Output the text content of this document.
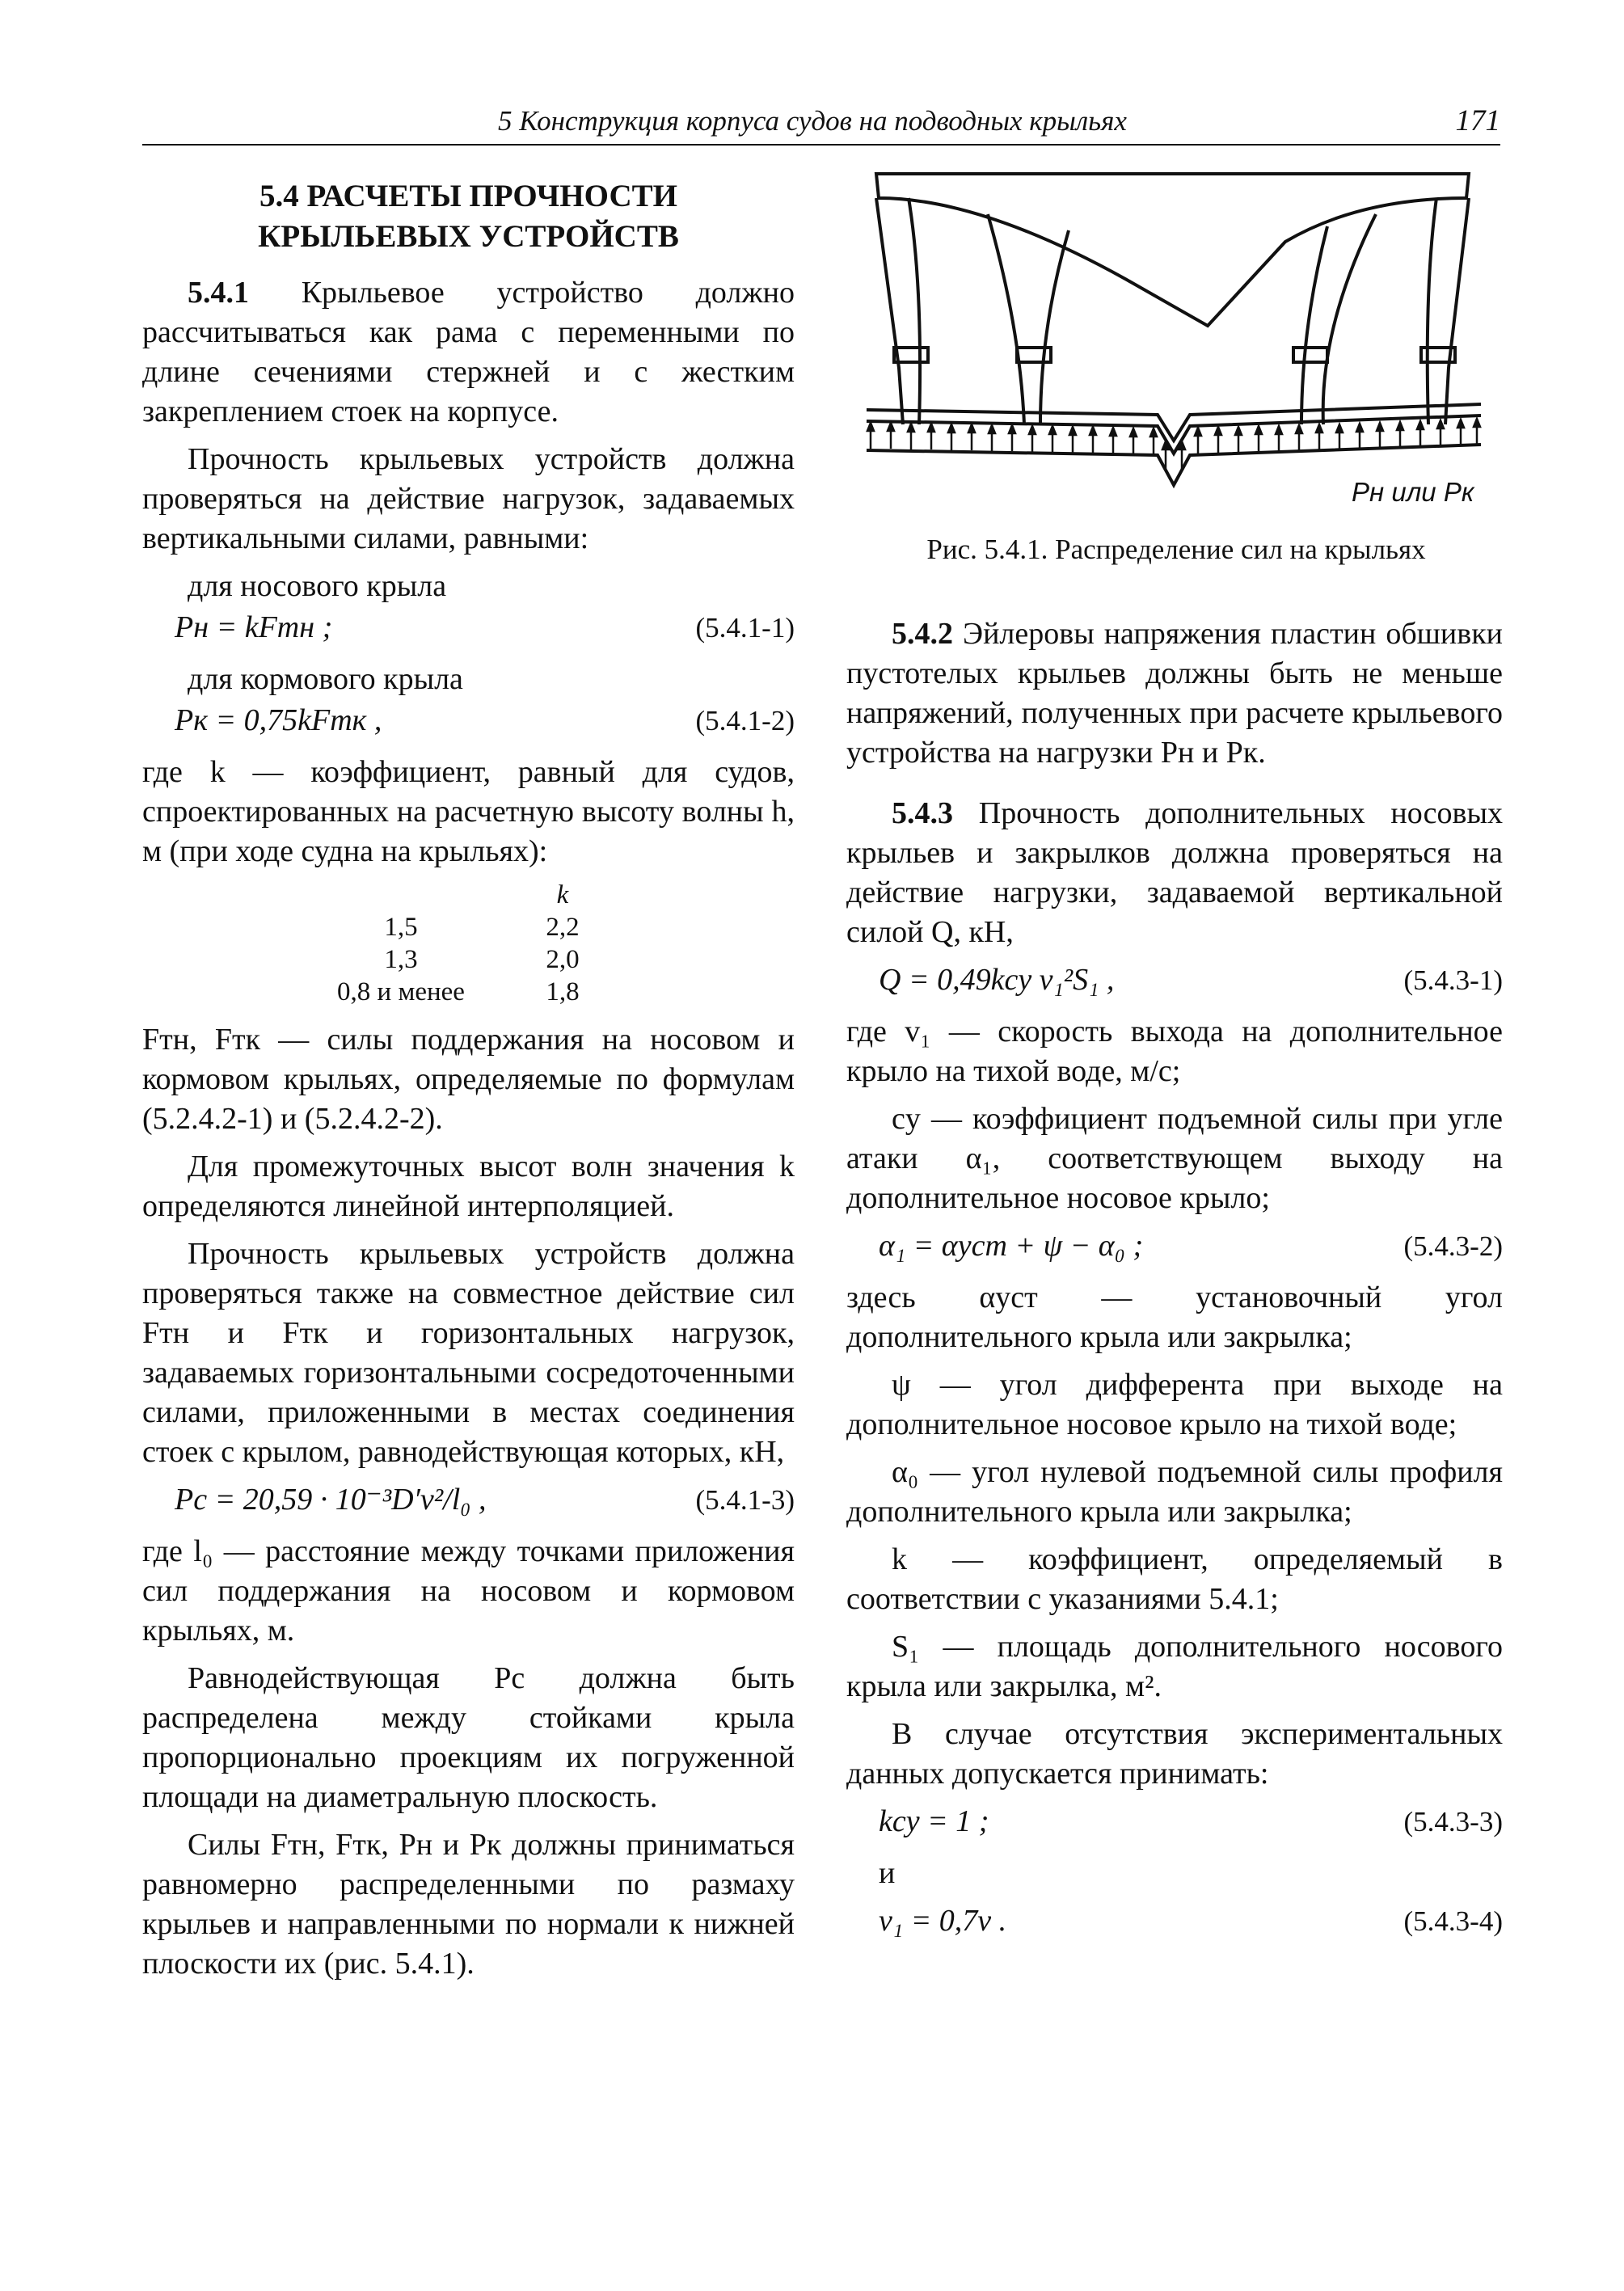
5 Конструкция корпуса судов на подводных крыльях	171
5.4 РАСЧЕТЫ ПРОЧНОСТИ
КРЫЛЬЕВЫХ УСТРОЙСТВ
5.4.1 Крыльевое устройство должно рассчитываться как рама с переменными по длине сечениями стержней и с жестким закреплением стоек на корпусе.
Прочность крыльевых устройств должна проверяться на действие нагрузок, задаваемых вертикальными силами, равными:
для носового крыла
Pн = kFтн ;	(5.4.1-1)
для кормового крыла
Pк = 0,75kFтк ,	(5.4.1-2)
где k — коэффициент, равный для судов, спроектированных на расчетную высоту волны h, м (при ходе судна на крыльях):
k
1,5	2,2
1,3	2,0
0,8 и менее	1,8
Fтн, Fтк — силы поддержания на носовом и кормовом крыльях, определяемые по формулам (5.2.4.2-1) и (5.2.4.2-2).
Для промежуточных высот волн значения k определяются линейной интерполяцией.
Прочность крыльевых устройств должна проверяться также на совместное действие сил Fтн и Fтк и горизонтальных нагрузок, задаваемых горизонтальными сосредоточенными силами, приложенными в местах соединения стоек с крылом, равнодействующая которых, кН,
Pc = 20,59 · 10⁻³D′v²/l₀ ,	(5.4.1-3)
где l₀ — расстояние между точками приложения сил поддержания на носовом и кормовом крыльях, м.
Равнодействующая Pc должна быть распределена между стойками крыла пропорционально проекциям их погруженной площади на диаметральную плоскость.
Силы Fтн, Fтк, Pн и Pк должны приниматься равномерно распределенными по размаху крыльев и направленными по нормали к нижней плоскости их (рис. 5.4.1).
Pн или Pк
Рис. 5.4.1. Распределение сил на крыльях
5.4.2 Эйлеровы напряжения пластин обшивки пустотелых крыльев должны быть не меньше напряжений, полученных при расчете крыльевого устройства на нагрузки Pн и Pк.
5.4.3 Прочность дополнительных носовых крыльев и закрылков должна проверяться на действие нагрузки, задаваемой вертикальной силой Q, кН,
Q = 0,49kcy v₁²S₁ ,	(5.4.3-1)
где v₁ — скорость выхода на дополнительное крыло на тихой воде, м/с;
cy — коэффициент подъемной силы при угле атаки α₁, соответствующем выходу на дополнительное носовое крыло;
α₁ = αуст + ψ − α₀ ;	(5.4.3-2)
здесь αуст — установочный угол дополнительного крыла или закрылка;
ψ — угол дифферента при выходе на дополнительное носовое крыло на тихой воде;
α₀ — угол нулевой подъемной силы профиля дополнительного крыла или закрылка;
k — коэффициент, определяемый в соответствии с указаниями 5.4.1;
S₁ — площадь дополнительного носового крыла или закрылка, м².
В случае отсутствия экспериментальных данных допускается принимать:
kcy = 1 ;	(5.4.3-3)
и
v₁ = 0,7v .	(5.4.3-4)
